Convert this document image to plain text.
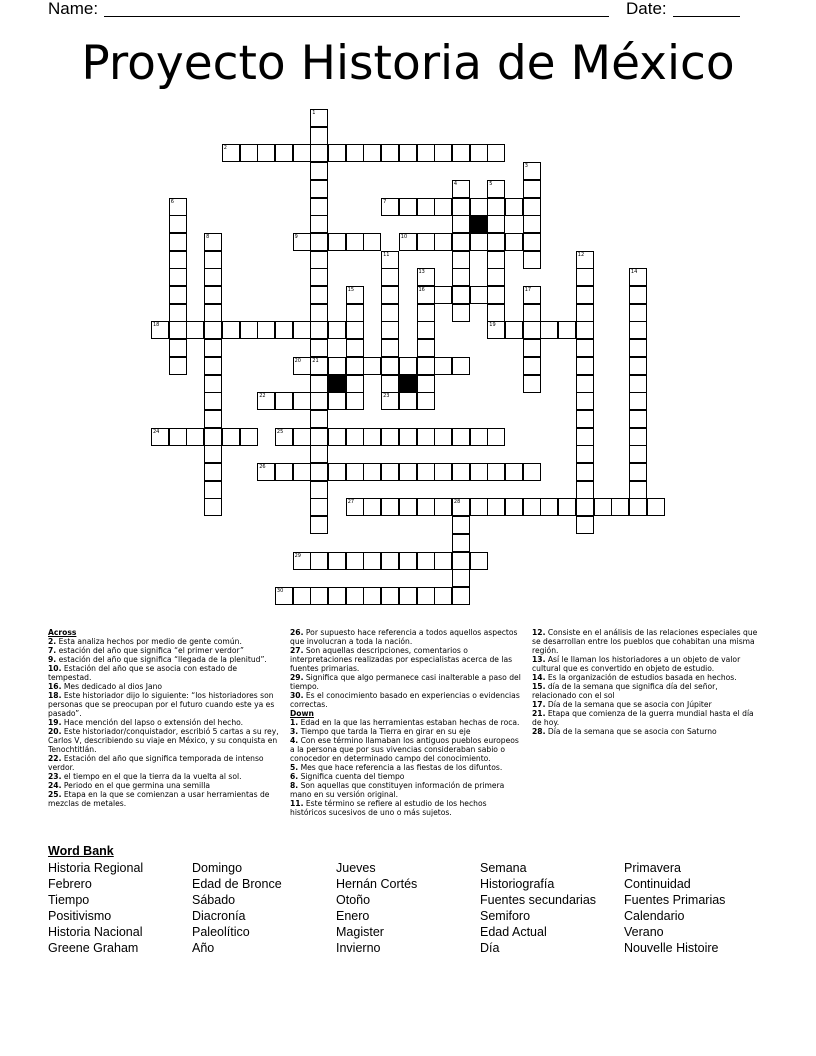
Name:	Date:
Proyecto Historia de México
1
2
3
4	5
6	7
8	9	10
11	12
13	14
15	16	17
18	19
20 21
22	23
24	25
26
27	28
29
30
Across

2. Esta analiza hechos por medio de gente común.

7. estación del año que significa “el primer verdor”

9. estación del año que significa “llegada de la plenitud”.

10. Estación del año que se asocia con estado de tempestad.

16. Mes dedicado al dios Jano

18. Este historiador dijo lo siguiente: “los historiadores son personas que se preocupan por el futuro cuando este ya es pasado”.

19. Hace mención del lapso o extensión del hecho.

20. Este historiador/conquistador, escribió 5 cartas a su rey, Carlos V, describiendo su viaje en México, y su conquista en Tenochtitlán.

22. Estación del año que significa temporada de intenso verdor.

23. el tiempo en el que la tierra da la vuelta al sol.

24. Periodo en el que germina una semilla

25. Etapa en la que se comienzan a usar herramientas de mezclas de metales.

26. Por supuesto hace referencia a todos aquellos aspectos que involucran a toda la nación.

27. Son aquellas descripciones, comentarios o interpretaciones realizadas por especialistas acerca de las fuentes primarias.

29. Significa que algo permanece casi inalterable a paso del tiempo.

30. Es el conocimiento basado en experiencias o evidencias correctas.

Down

1. Edad en la que las herramientas estaban hechas de roca.

3. Tiempo que tarda la Tierra en girar en su eje

4. Con ese término llamaban los antiguos pueblos europeos a la persona que por sus vivencias consideraban sabio o conocedor en determinado campo del conocimiento.

5. Mes que hace referencia a las fiestas de los difuntos.

6. Significa cuenta del tiempo

8. Son aquellas que constituyen información de primera mano en su versión original.

11. Este término se refiere al estudio de los hechos históricos sucesivos de uno o más sujetos.

12. Consiste en el análisis de las relaciones especiales que se desarrollan entre los pueblos que cohabitan una misma región.

13. Así le llaman los historiadores a un objeto de valor cultural que es convertido en objeto de estudio.

14. Es la organización de estudios basada en hechos.

15. día de la semana que significa día del señor, relacionado con el sol

17. Día de la semana que se asocia con Júpiter

21. Etapa que comienza de la guerra mundial hasta el día de hoy.

28. Día de la semana que se asocia con Saturno

Word Bank
Historia Regional
Febrero
Tiempo
Positivismo
Historia Nacional
Greene Graham
Domingo
Edad de Bronce
Sábado
Diacronía
Paleolítico
Año
Jueves
Hernán Cortés
Otoño
Enero
Magister
Invierno
Semana
Historiografía
Fuentes secundarias
Semiforo
Edad Actual
Día
Primavera
Continuidad
Fuentes Primarias
Calendario
Verano
Nouvelle Histoire
